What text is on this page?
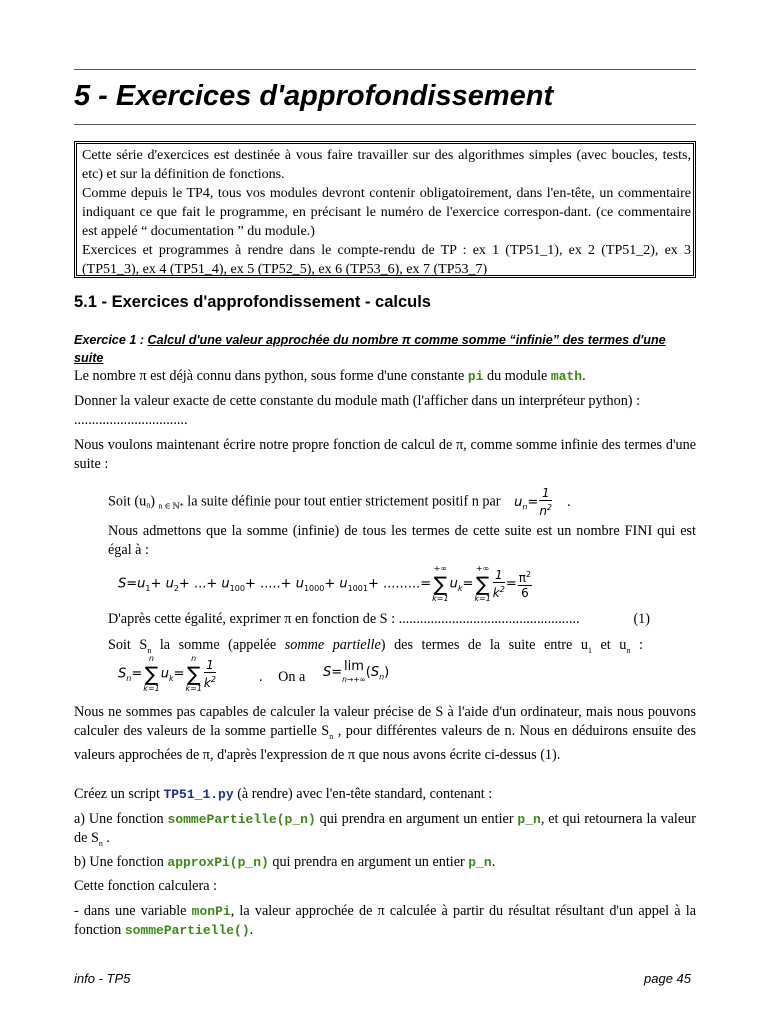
5 - Exercices d'approfondissement

Cette série d'exercices est destinée à vous faire travailler sur des algorithmes simples (avec boucles, tests, etc) et sur la définition de fonctions.

Comme depuis le TP4, tous vos modules devront contenir obligatoirement, dans l'en-tête, un commentaire indiquant ce que fait le programme, en précisant le numéro de l'exercice correspon-dant. (ce commentaire est appelé “ documentation ” du module.)

Exercices et programmes à rendre dans le compte-rendu de TP : ex 1 (TP51_1), ex 2 (TP51_2), ex 3 (TP51_3), ex 4 (TP51_4), ex 5 (TP52_5), ex 6 (TP53_6), ex 7 (TP53_7)

5.1 - Exercices d'approfondissement - calculs
Exercice 1 : Calcul d'une valeur approchée du nombre π comme somme “infinie” des termes d'une suite

Le nombre π est déjà connu dans python, sous forme d'une constante pi du module math.

Donner la valeur exacte de cette constante du module math (l'afficher dans un interpréteur python) :
................................

Nous voulons maintenant écrire notre propre fonction de calcul de π, comme somme infinie des termes d'une suite :

Soit (un) $_{n \in ℕ*}$ la suite définie pour tout entier strictement positif n par $u_n= \frac{1}{n^2}$ .

Nous admettons que la somme (infinie) de tous les termes de cette suite est un nombre FINI qui est égal à :

$S=u_1+ u_2+$ ...+ $u_{100}+$ .....+ $u_{1000}+ u_{1001}+$ .........=
+∞
∑
k=1
$u_k=$
+∞
∑
$k=1 \frac{1}{k^2} = \frac{\pi^2}{6}$

D'après cette égalité, exprimer π en fonction de S : ...................................................	(1)

Soit $S_n$ la somme (appelée somme partielle) des termes de la suite entre $u_1$ et $u_n$ :

$S_n=$
n
∑
k=1
$u_k=$
n
∑
$k=1 \frac{1}{k^2}$	. On a S= lim
n→+∞ $(S_n)$

Nous ne sommes pas capables de calculer la valeur précise de S à l'aide d'un ordinateur, mais nous pouvons calculer des valeurs de la somme partielle $S_n$ , pour différentes valeurs de n. Nous en déduirons ensuite des valeurs approchées de π, d'après l'expression de π que nous avons écrite ci-dessus (1).

Créez un script TP51_1.py (à rendre) avec l'en-tête standard, contenant :

a) Une fonction sommePartielle(p_n) qui prendra en argument un entier p_n, et qui retournera la valeur de $S_n$ .

b) Une fonction approxPi(p_n) qui prendra en argument un entier p_n.

Cette fonction calculera :

- dans une variable monPi, la valeur approchée de π calculée à partir du résultat résultant d'un appel à la fonction sommePartielle().

info - TP5	page 45
